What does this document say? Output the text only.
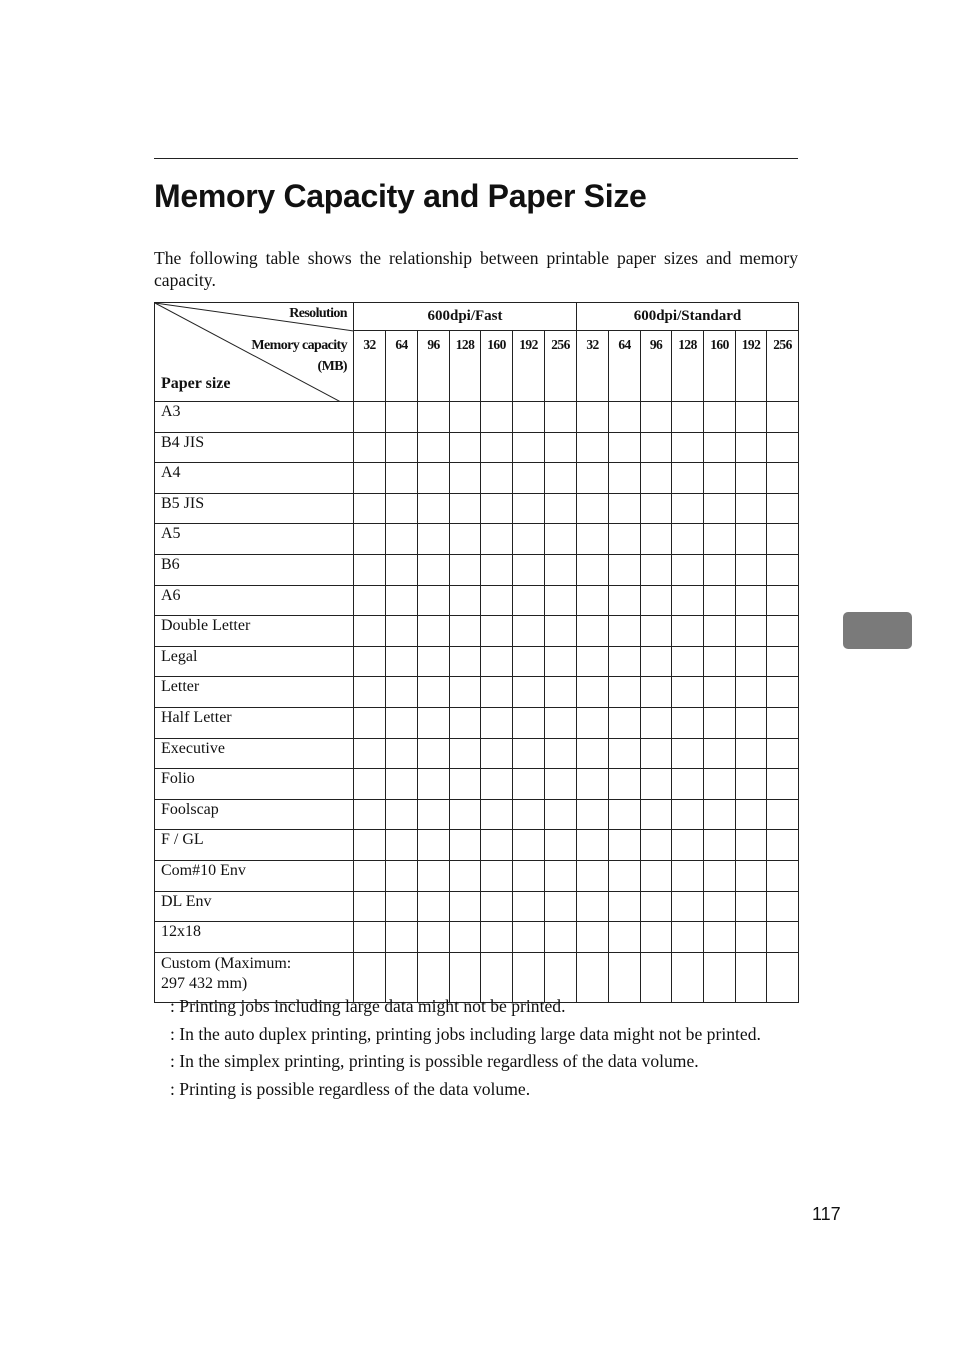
Memory Capacity and Paper Size

The following table shows the relationship between printable paper sizes and memory capacity.

Resolution
Memory capacity
(MB)
Paper size	600dpi/Fast							600dpi/Standard						
	32	64	96	128	160	192	256	32	64	96	128	160	192	256
A3														
B4 JIS														
A4														
B5 JIS														
A5														
B6														
A6														
Double Letter														
Legal														
Letter														
Half Letter														
Executive														
Folio														
Foolscap														
F / GL														
Com#10 Env														
DL Env														
12x18														
Custom (Maximum:
297 432 mm)														

: Printing jobs including large data might not be printed.

: In the auto duplex printing, printing jobs including large data might not be printed.

: In the simplex printing, printing is possible regardless of the data volume.

: Printing is possible regardless of the data volume.

117
